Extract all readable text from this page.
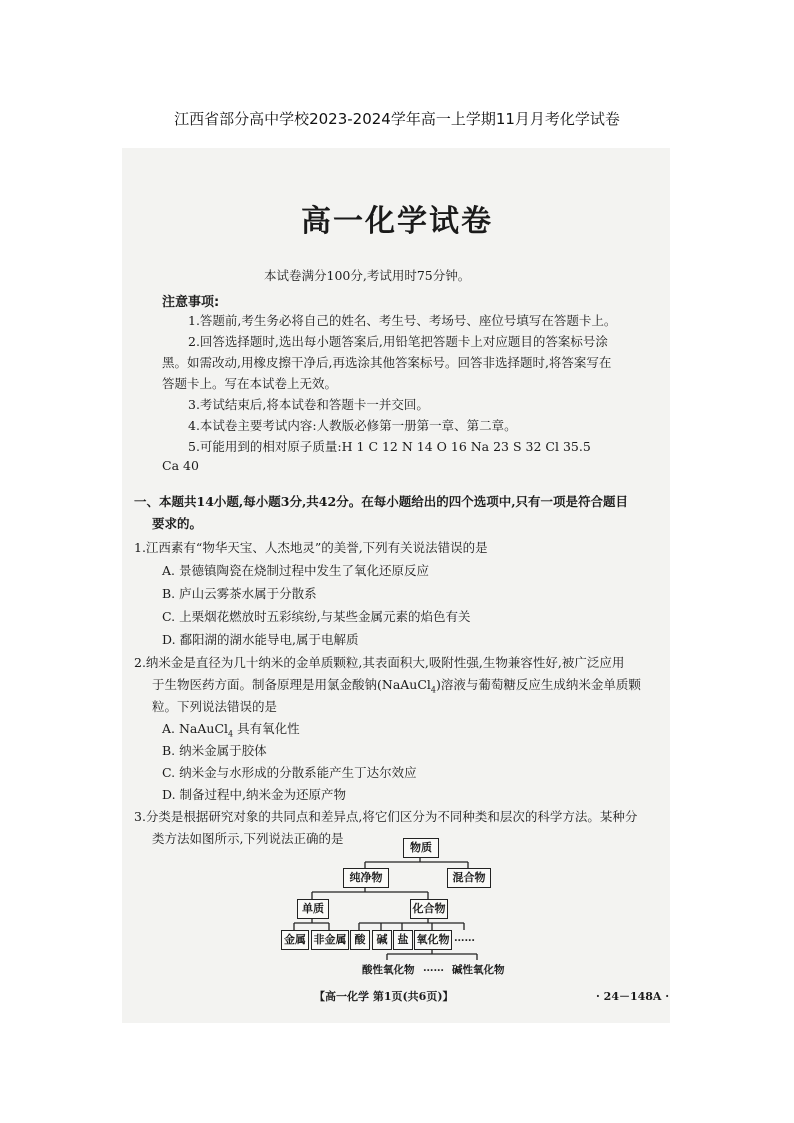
江西省部分高中学校2023-2024学年高一上学期11月月考化学试卷
高一化学试卷
本试卷满分100分,考试用时75分钟。
注意事项:
1.答题前,考生务必将自己的姓名、考生号、考场号、座位号填写在答题卡上。
2.回答选择题时,选出每小题答案后,用铅笔把答题卡上对应题目的答案标号涂
黑。如需改动,用橡皮擦干净后,再选涂其他答案标号。回答非选择题时,将答案写在
答题卡上。写在本试卷上无效。
3.考试结束后,将本试卷和答题卡一并交回。
4.本试卷主要考试内容:人教版必修第一册第一章、第二章。
5.可能用到的相对原子质量:H 1 C 12 N 14 O 16 Na 23 S 32 Cl 35.5
Ca 40
一、本题共14小题,每小题3分,共42分。在每小题给出的四个选项中,只有一项是符合题目
要求的。
1.江西素有“物华天宝、人杰地灵”的美誉,下列有关说法错误的是
A. 景德镇陶瓷在烧制过程中发生了氧化还原反应
B. 庐山云雾茶水属于分散系
C. 上栗烟花燃放时五彩缤纷,与某些金属元素的焰色有关
D. 鄱阳湖的湖水能导电,属于电解质
2.纳米金是直径为几十纳米的金单质颗粒,其表面积大,吸附性强,生物兼容性好,被广泛应用
于生物医药方面。制备原理是用氯金酸钠(NaAuCl$_4$)溶液与葡萄糖反应生成纳米金单质颗
粒。下列说法错误的是
A. NaAuCl$_4$ 具有氧化性
B. 纳米金属于胶体
C. 纳米金与水形成的分散系能产生丁达尔效应
D. 制备过程中,纳米金为还原产物
3.分类是根据研究对象的共同点和差异点,将它们区分为不同种类和层次的科学方法。某种分
类方法如图所示,下列说法正确的是
物质
纯净物	混合物
单质	化合物
金属 非金属 酸	碱 盐 氧化物 ……
酸性氧化物 …… 碱性氧化物
【高一化学 第1页(共6页)】	· 24－148A ·
